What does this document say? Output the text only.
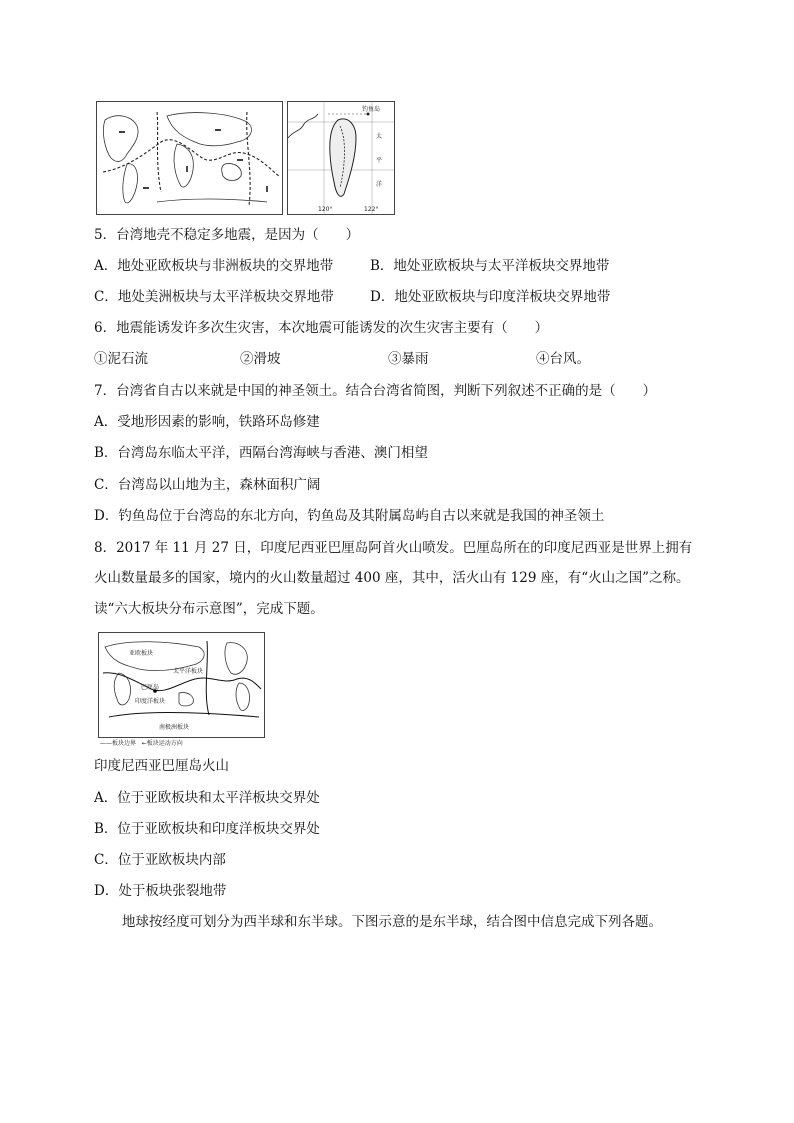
钓鱼岛
太
平
洋
120°	122°
5．台湾地壳不稳定多地震，是因为（　　）
A．地处亚欧板块与非洲板块的交界地带	B．地处亚欧板块与太平洋板块交界地带
C．地处美洲板块与太平洋板块交界地带	D．地处亚欧板块与印度洋板块交界地带
6．地震能诱发许多次生灾害，本次地震可能诱发的次生灾害主要有（　　）
①泥石流	②滑坡	③暴雨	④台风。
7．台湾省自古以来就是中国的神圣领土。结合台湾省简图，判断下列叙述不正确的是（　　）
A．受地形因素的影响，铁路环岛修建
B．台湾岛东临太平洋，西隔台湾海峡与香港、澳门相望
C．台湾岛以山地为主，森林面积广阔
D．钓鱼岛位于台湾岛的东北方向，钓鱼岛及其附属岛屿自古以来就是我国的神圣领土
8．2017 年 11 月 27 日，印度尼西亚巴厘岛阿首火山喷发。巴厘岛所在的印度尼西亚是世界上拥有
火山数量最多的国家，境内的火山数量超过 400 座，其中，活火山有 129 座，有“火山之国”之称。
读“六大板块分布示意图”，完成下题。
亚欧板块
太平洋板块
印度洋板块
南极洲板块
巴厘岛
——板块边界 ←板块运动方向
印度尼西亚巴厘岛火山
A．位于亚欧板块和太平洋板块交界处
B．位于亚欧板块和印度洋板块交界处
C．位于亚欧板块内部
D．处于板块张裂地带
地球按经度可划分为西半球和东半球。下图示意的是东半球，结合图中信息完成下列各题。
